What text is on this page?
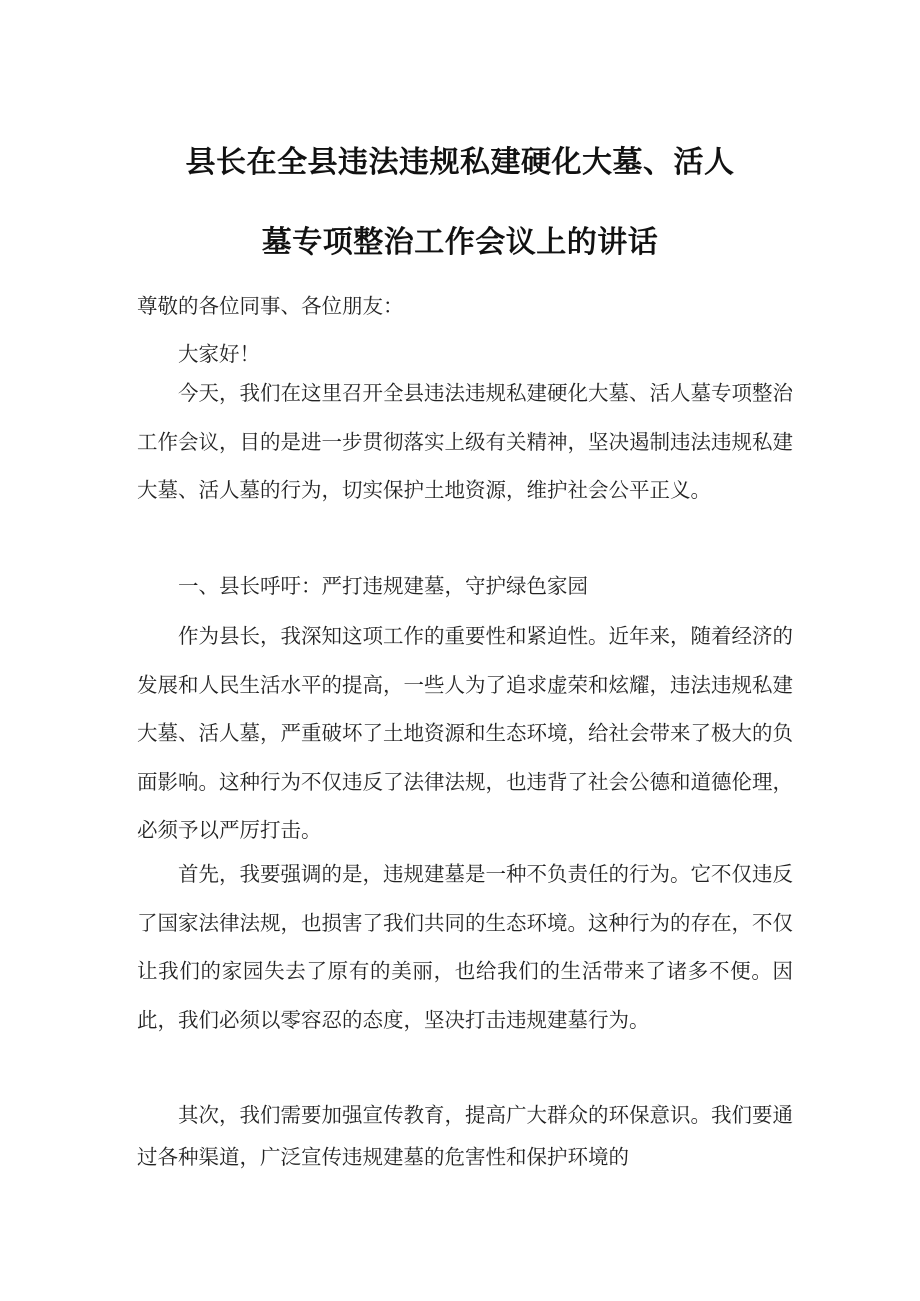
县长在全县违法违规私建硬化大墓、活人
墓专项整治工作会议上的讲话

尊敬的各位同事、各位朋友：

大家好！

今天，我们在这里召开全县违法违规私建硬化大墓、活人墓专项整治工作会议，目的是进一步贯彻落实上级有关精神，坚决遏制违法违规私建大墓、活人墓的行为，切实保护土地资源，维护社会公平正义。

一、县长呼吁：严打违规建墓，守护绿色家园

作为县长，我深知这项工作的重要性和紧迫性。近年来，随着经济的发展和人民生活水平的提高，一些人为了追求虚荣和炫耀，违法违规私建大墓、活人墓，严重破坏了土地资源和生态环境，给社会带来了极大的负面影响。这种行为不仅违反了法律法规，也违背了社会公德和道德伦理，必须予以严厉打击。

首先，我要强调的是，违规建墓是一种不负责任的行为。它不仅违反了国家法律法规，也损害了我们共同的生态环境。这种行为的存在，不仅让我们的家园失去了原有的美丽，也给我们的生活带来了诸多不便。因此，我们必须以零容忍的态度，坚决打击违规建墓行为。

其次，我们需要加强宣传教育，提高广大群众的环保意识。我们要通过各种渠道，广泛宣传违规建墓的危害性和保护环境的
